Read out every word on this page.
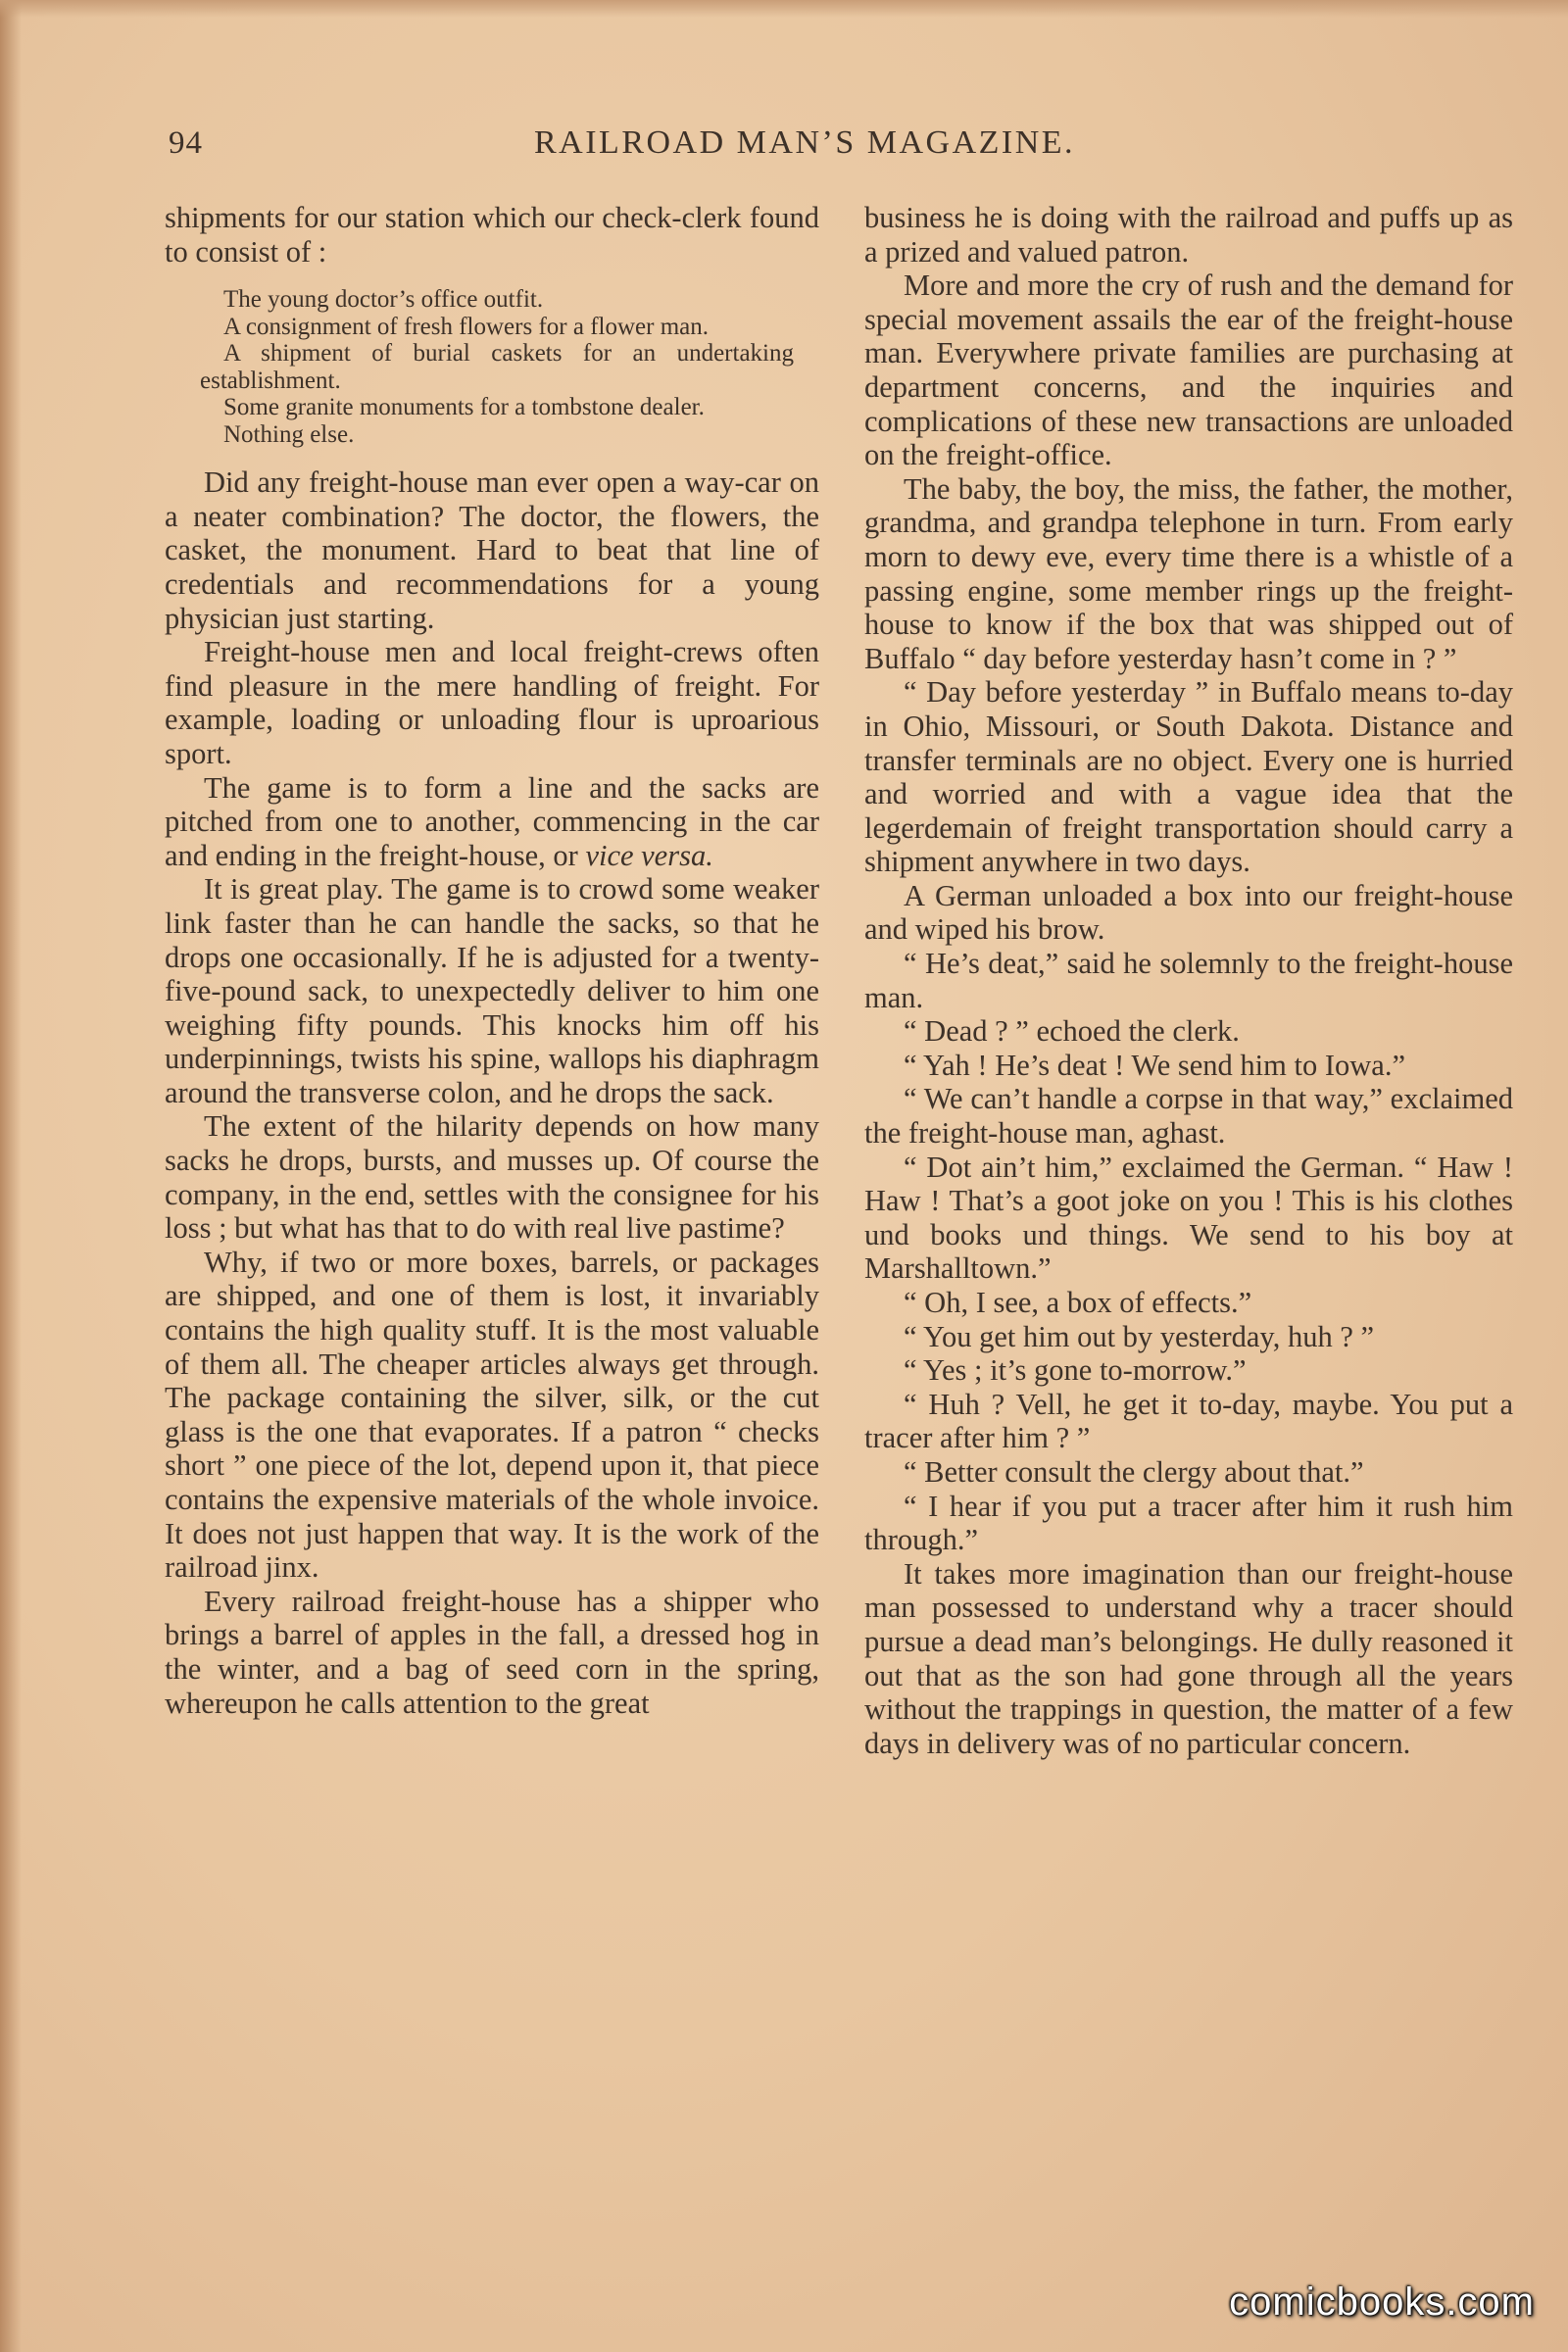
94	RAILROAD MAN’S MAGAZINE.

shipments for our station which our check-clerk found to consist of :

The young doctor’s office outfit.
A consignment of fresh flowers for a flower man.
A shipment of burial caskets for an undertaking establishment.
Some granite monuments for a tombstone dealer.
Nothing else.

Did any freight-house man ever open a way-car on a neater combination? The doctor, the flowers, the casket, the monument. Hard to beat that line of credentials and recommendations for a young physician just starting.

Freight-house men and local freight-crews often find pleasure in the mere handling of freight. For example, loading or unloading flour is uproarious sport.

The game is to form a line and the sacks are pitched from one to another, commencing in the car and ending in the freight-house, or vice versa.

It is great play. The game is to crowd some weaker link faster than he can handle the sacks, so that he drops one occasionally. If he is adjusted for a twenty-five-pound sack, to unexpectedly deliver to him one weighing fifty pounds. This knocks him off his underpinnings, twists his spine, wallops his diaphragm around the transverse colon, and he drops the sack.

The extent of the hilarity depends on how many sacks he drops, bursts, and musses up. Of course the company, in the end, settles with the consignee for his loss ; but what has that to do with real live pastime?

Why, if two or more boxes, barrels, or packages are shipped, and one of them is lost, it invariably contains the high quality stuff. It is the most valuable of them all. The cheaper articles always get through. The package containing the silver, silk, or the cut glass is the one that evaporates. If a patron “ checks short ” one piece of the lot, depend upon it, that piece contains the expensive materials of the whole invoice. It does not just happen that way. It is the work of the railroad jinx.

Every railroad freight-house has a shipper who brings a barrel of apples in the fall, a dressed hog in the winter, and a bag of seed corn in the spring, whereupon he calls attention to the great

business he is doing with the railroad and puffs up as a prized and valued patron.

More and more the cry of rush and the demand for special movement assails the ear of the freight-house man. Everywhere private families are purchasing at department concerns, and the inquiries and complications of these new transactions are unloaded on the freight-office.

The baby, the boy, the miss, the father, the mother, grandma, and grandpa telephone in turn. From early morn to dewy eve, every time there is a whistle of a passing engine, some member rings up the freight-house to know if the box that was shipped out of Buffalo “ day before yesterday hasn’t come in ? ”

“ Day before yesterday ” in Buffalo means to-day in Ohio, Missouri, or South Dakota. Distance and transfer terminals are no object. Every one is hurried and worried and with a vague idea that the legerdemain of freight transportation should carry a shipment anywhere in two days.

A German unloaded a box into our freight-house and wiped his brow.

“ He’s deat,” said he solemnly to the freight-house man.

“ Dead ? ” echoed the clerk.

“ Yah ! He’s deat ! We send him to Iowa.”

“ We can’t handle a corpse in that way,” exclaimed the freight-house man, aghast.

“ Dot ain’t him,” exclaimed the German. “ Haw ! Haw ! That’s a goot joke on you ! This is his clothes und books und things. We send to his boy at Marshalltown.”

“ Oh, I see, a box of effects.”

“ You get him out by yesterday, huh ? ”

“ Yes ; it’s gone to-morrow.”

“ Huh ? Vell, he get it to-day, maybe. You put a tracer after him ? ”

“ Better consult the clergy about that.”

“ I hear if you put a tracer after him it rush him through.”

It takes more imagination than our freight-house man possessed to understand why a tracer should pursue a dead man’s belongings. He dully reasoned it out that as the son had gone through all the years without the trappings in question, the matter of a few days in delivery was of no particular concern.

comicbooks.com
